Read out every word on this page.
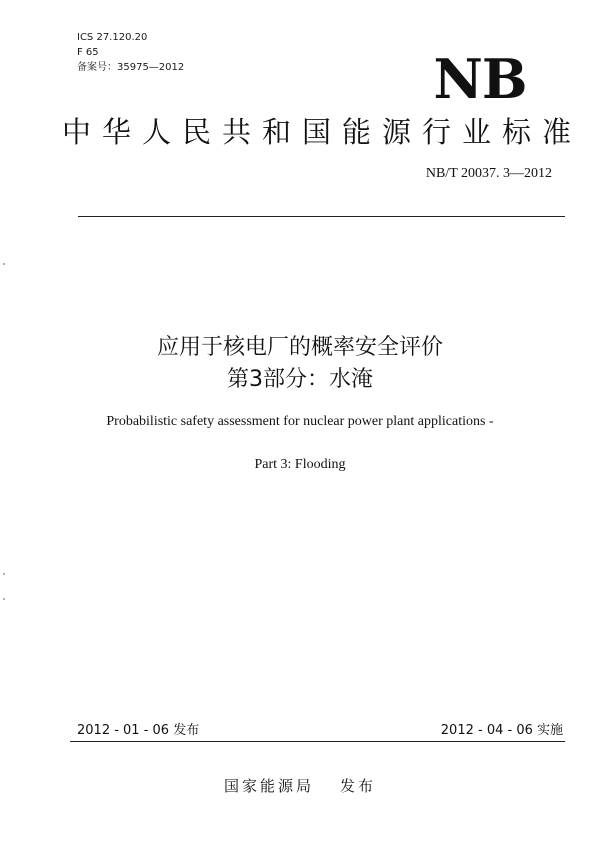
ICS 27.120.20
F 65
备案号：35975—2012	NB
中华人民共和国能源行业标准
NB/T 20037. 3—2012
应用于核电厂的概率安全评价
第3部分：水淹
Probabilistic safety assessment for nuclear power plant applications -
Part 3: Flooding
2012 - 01 - 06 发布	2012 - 04 - 06 实施
国家能源局 发布
